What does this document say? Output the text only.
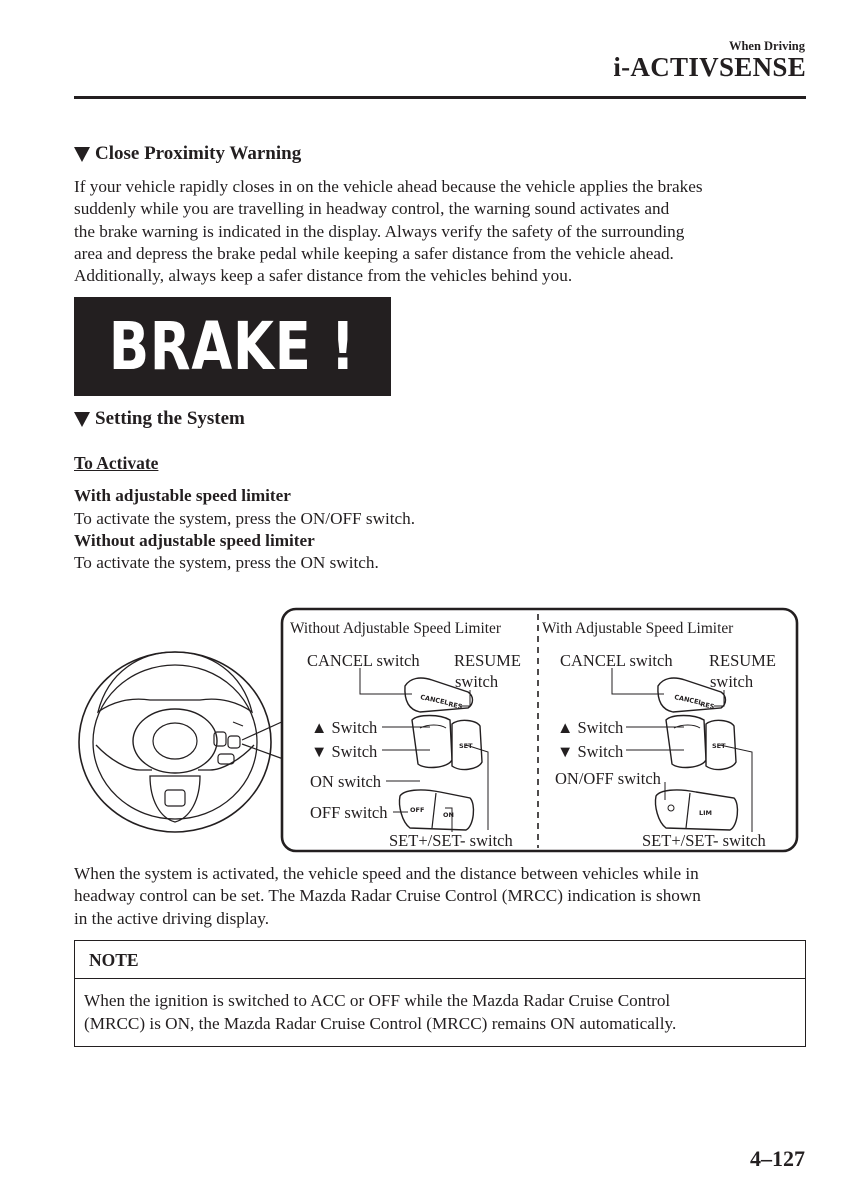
When Driving
i-ACTIVSENSE
Close Proximity Warning
If your vehicle rapidly closes in on the vehicle ahead because the vehicle applies the brakes
suddenly while you are travelling in headway control, the warning sound activates and
the brake warning is indicated in the display. Always verify the safety of the surrounding
area and depress the brake pedal while keeping a safer distance from the vehicle ahead.
Additionally, always keep a safer distance from the vehicles behind you.
BRAKE !
Setting the System
To Activate
With adjustable speed limiter
To activate the system, press the ON/OFF switch.
Without adjustable speed limiter
To activate the system, press the ON switch.
CANCEL
RES
SET
OFF
ON
CANCEL
RES
SET
LIM
Without Adjustable Speed Limiter	With Adjustable Speed Limiter
CANCEL switch RESUME
switch
▲ Switch
▼ Switch
ON switch
OFF switch
SET+/SET- switch
CANCEL switch RESUME
switch
▲ Switch
▼ Switch
ON/OFF switch
SET+/SET- switch
When the system is activated, the vehicle speed and the distance between vehicles while in
headway control can be set. The Mazda Radar Cruise Control (MRCC) indication is shown
in the active driving display.
NOTE
When the ignition is switched to ACC or OFF while the Mazda Radar Cruise Control
(MRCC) is ON, the Mazda Radar Cruise Control (MRCC) remains ON automatically.
4–127
